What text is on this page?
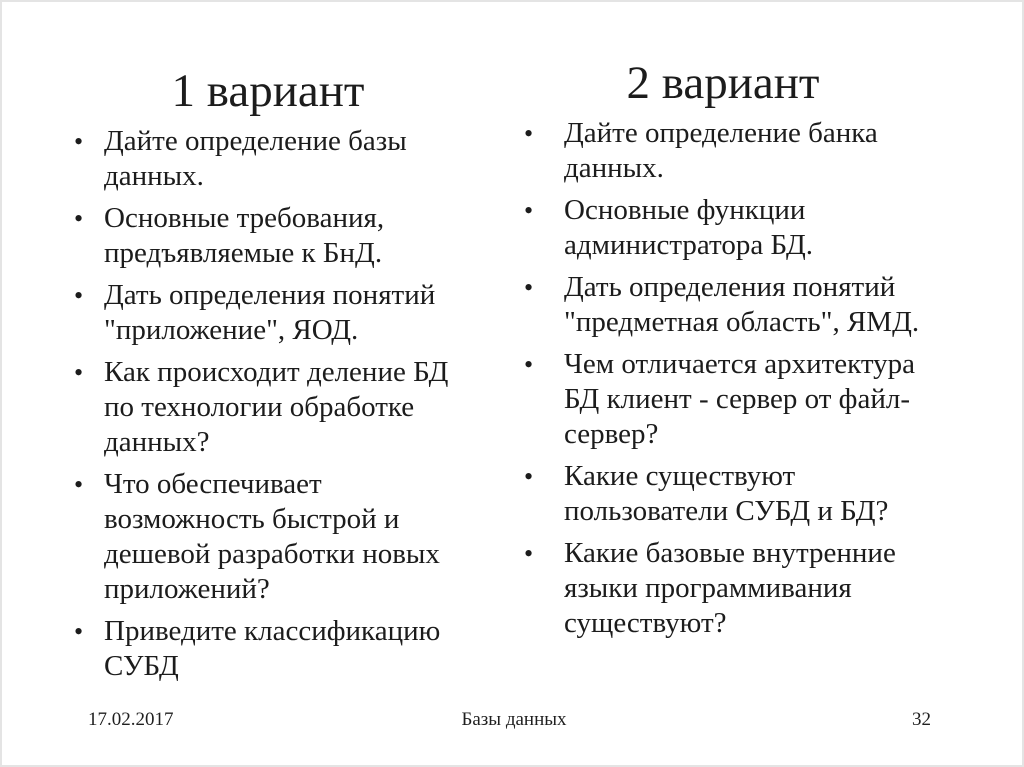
1 вариант
• Дайте определение базы данных.
• Основные требования, предъявляемые к БнД.
• Дать определения понятий "приложение", ЯОД.
• Как происходит деление БД по технологии обработке данных?
• Что обеспечивает возможность быстрой и дешевой разработки новых приложений?
• Приведите классификацию СУБД
2 вариант
• Дайте определение банка данных.
• Основные функции администратора БД.
• Дать определения понятий "предметная область", ЯМД.
• Чем отличается архитектура БД клиент - сервер от файл-сервер?
• Какие существуют пользователи СУБД и БД?
• Какие базовые внутренние языки программивания существуют?
17.02.2017	Базы данных	32
